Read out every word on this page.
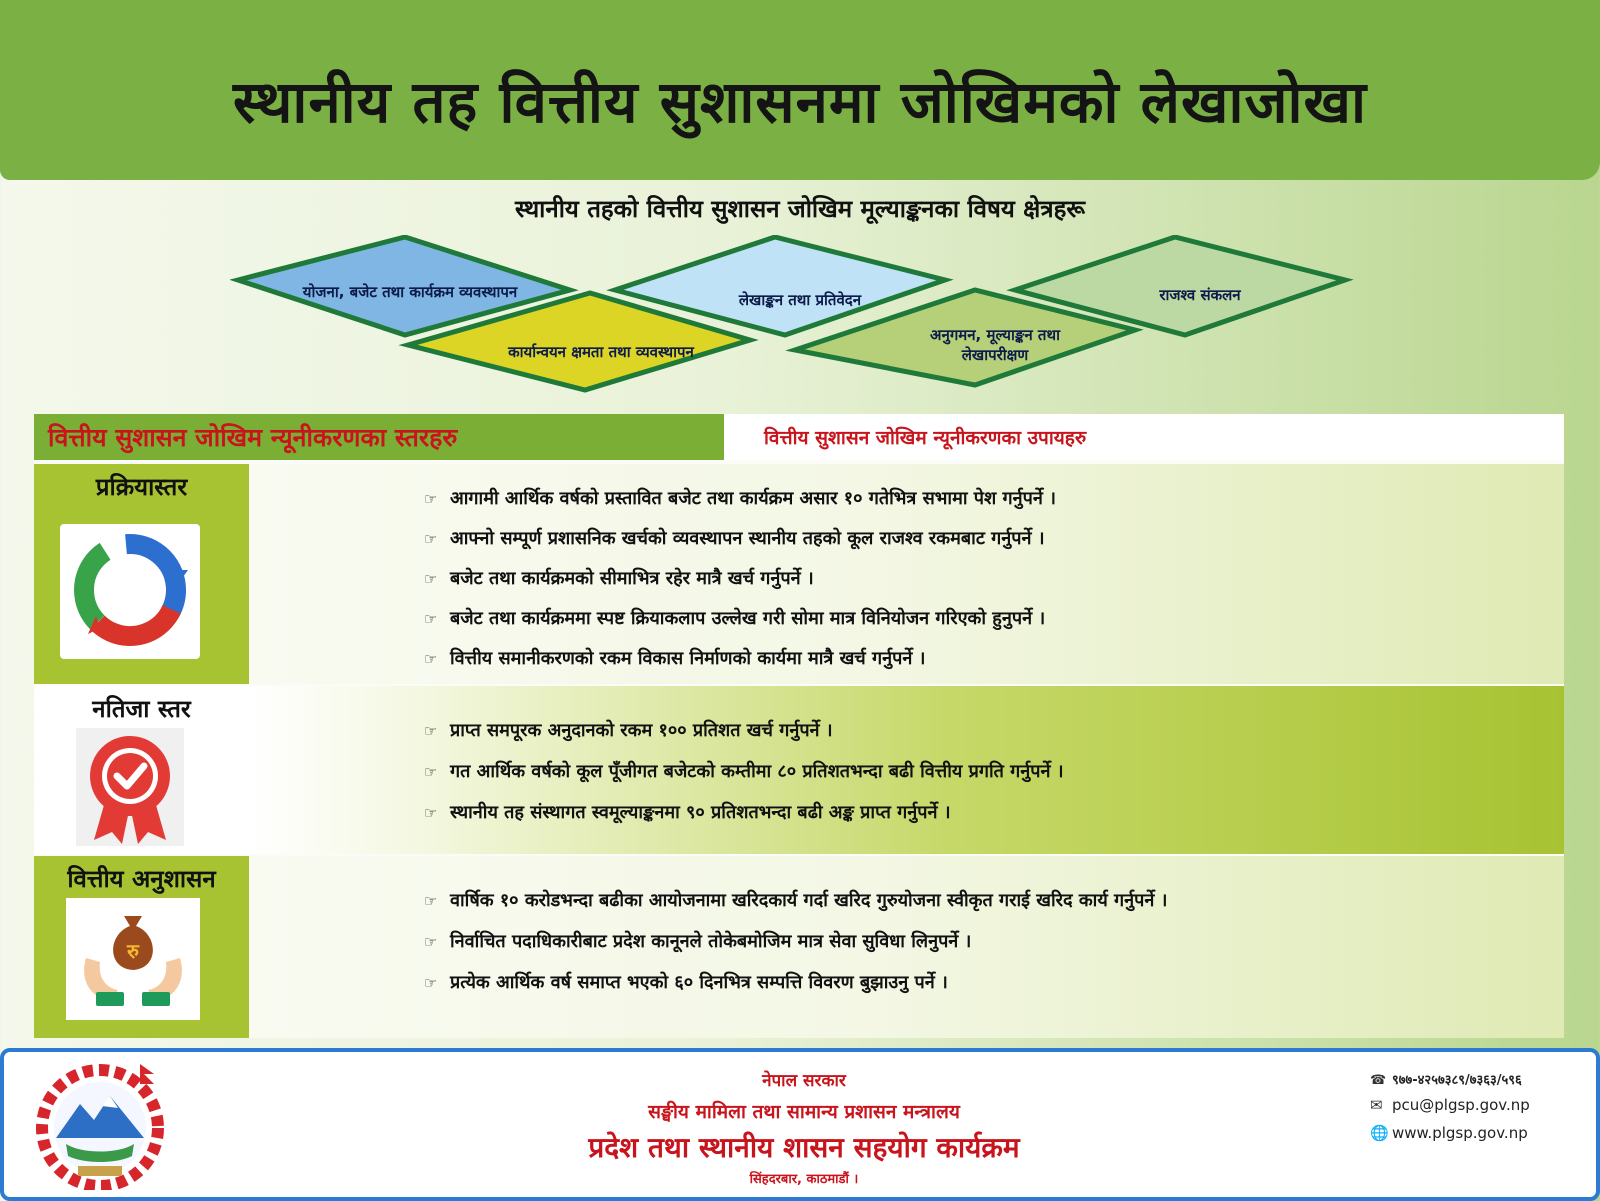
स्थानीय तह वित्तीय सुशासनमा जोखिमको लेखाजोखा
स्थानीय तहको वित्तीय सुशासन जोखिम मूल्याङ्कनका विषय क्षेत्रहरू
योजना, बजेट तथा कार्यक्रम व्यवस्थापन
कार्यान्वयन क्षमता तथा व्यवस्थापन
लेखाङ्कन तथा प्रतिवेदन
अनुगमन, मूल्याङ्कन तथा लेखापरीक्षण
राजश्व संकलन
वित्तीय सुशासन जोखिम न्यूनीकरणका स्तरहरु	वित्तीय सुशासन जोखिम न्यूनीकरणका उपायहरु
प्रक्रियास्तर	☞ आगामी आर्थिक वर्षको प्रस्तावित बजेट तथा कार्यक्रम असार १० गतेभित्र सभामा पेश गर्नुपर्ने ।
☞ आफ्नो सम्पूर्ण प्रशासनिक खर्चको व्यवस्थापन स्थानीय तहको कूल राजश्व रकमबाट गर्नुपर्ने ।
☞ बजेट तथा कार्यक्रमको सीमाभित्र रहेर मात्रै खर्च गर्नुपर्ने ।
☞ बजेट तथा कार्यक्रममा स्पष्ट क्रियाकलाप उल्लेख गरी सोमा मात्र विनियोजन गरिएको हुनुपर्ने ।
☞ वित्तीय समानीकरणको रकम विकास निर्माणको कार्यमा मात्रै खर्च गर्नुपर्ने ।
नतिजा स्तर
☞ प्राप्त समपूरक अनुदानको रकम १०० प्रतिशत खर्च गर्नुपर्ने ।
☞ गत आर्थिक वर्षको कूल पूँजीगत बजेटको कम्तीमा ८० प्रतिशतभन्दा बढी वित्तीय प्रगति गर्नुपर्ने ।
☞ स्थानीय तह संस्थागत स्वमूल्याङ्कनमा ९० प्रतिशतभन्दा बढी अङ्क प्राप्त गर्नुपर्ने ।
वित्तीय अनुशासन
रु
☞ वार्षिक १० करोडभन्दा बढीका आयोजनामा खरिदकार्य गर्दा खरिद गुरुयोजना स्वीकृत गराई खरिद कार्य गर्नुपर्ने ।
☞ निर्वाचित पदाधिकारीबाट प्रदेश कानूनले तोकेबमोजिम मात्र सेवा सुविधा लिनुपर्ने ।
☞ प्रत्येक आर्थिक वर्ष समाप्त भएको ६० दिनभित्र सम्पत्ति विवरण बुझाउनु पर्ने ।
नेपाल सरकार
सङ्घीय मामिला तथा सामान्य प्रशासन मन्त्रालय
प्रदेश तथा स्थानीय शासन सहयोग कार्यक्रम
सिंहदरबार, काठमाडौं ।
☎ ९७७-४२५७३८९/७३६३/५९६
✉ pcu@plgsp.gov.np
🌐 www.plgsp.gov.np
